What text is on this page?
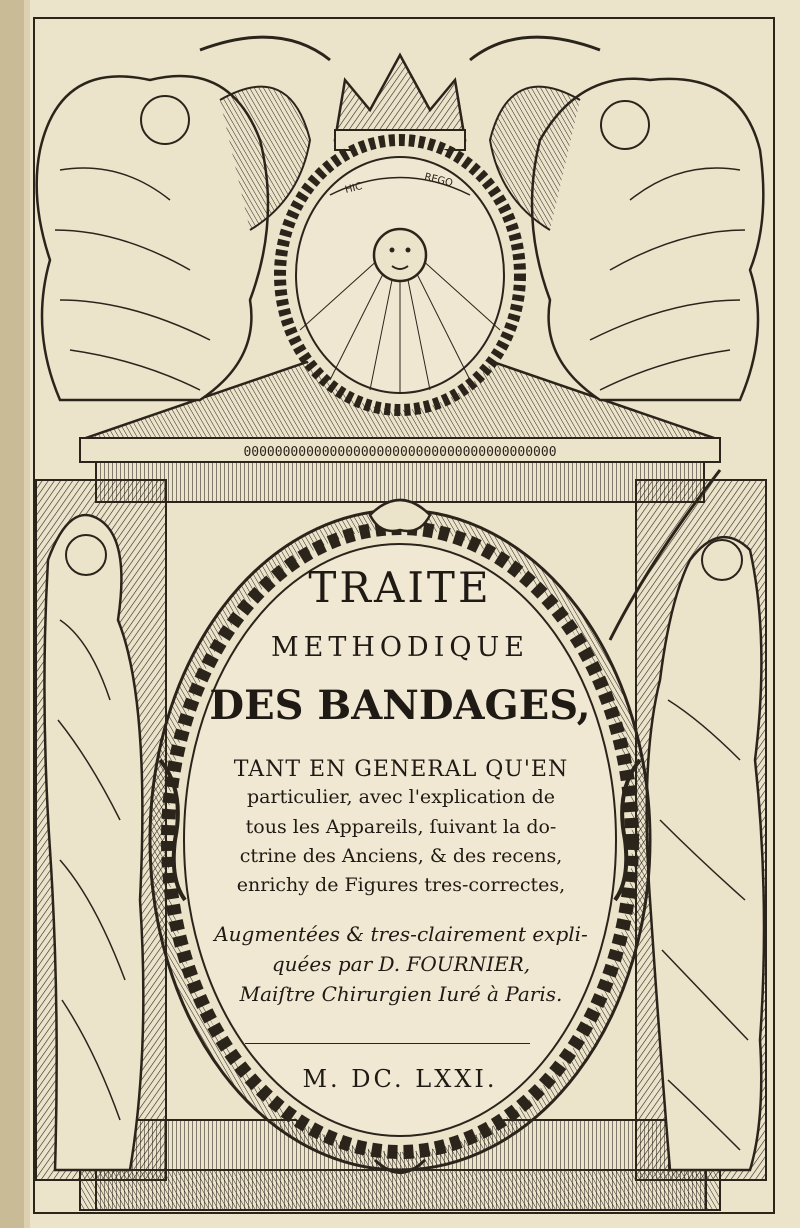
0000000000000000000000000000000000000000
HIC	REGO
TRAITE
METHODIQUE
DES BANDAGES,
TANT EN GENERAL QU'EN
particulier, avec l'explication de
tous les Appareils, ſuivant la do-
ctrine des Anciens, & des recens,
enrichy de Figures tres-correctes,
Augmentées & tres-clairement expli-
quées par D. FOURNIER,
Maiſtre Chirurgien Iuré à Paris.
M. DC. LXXI.
